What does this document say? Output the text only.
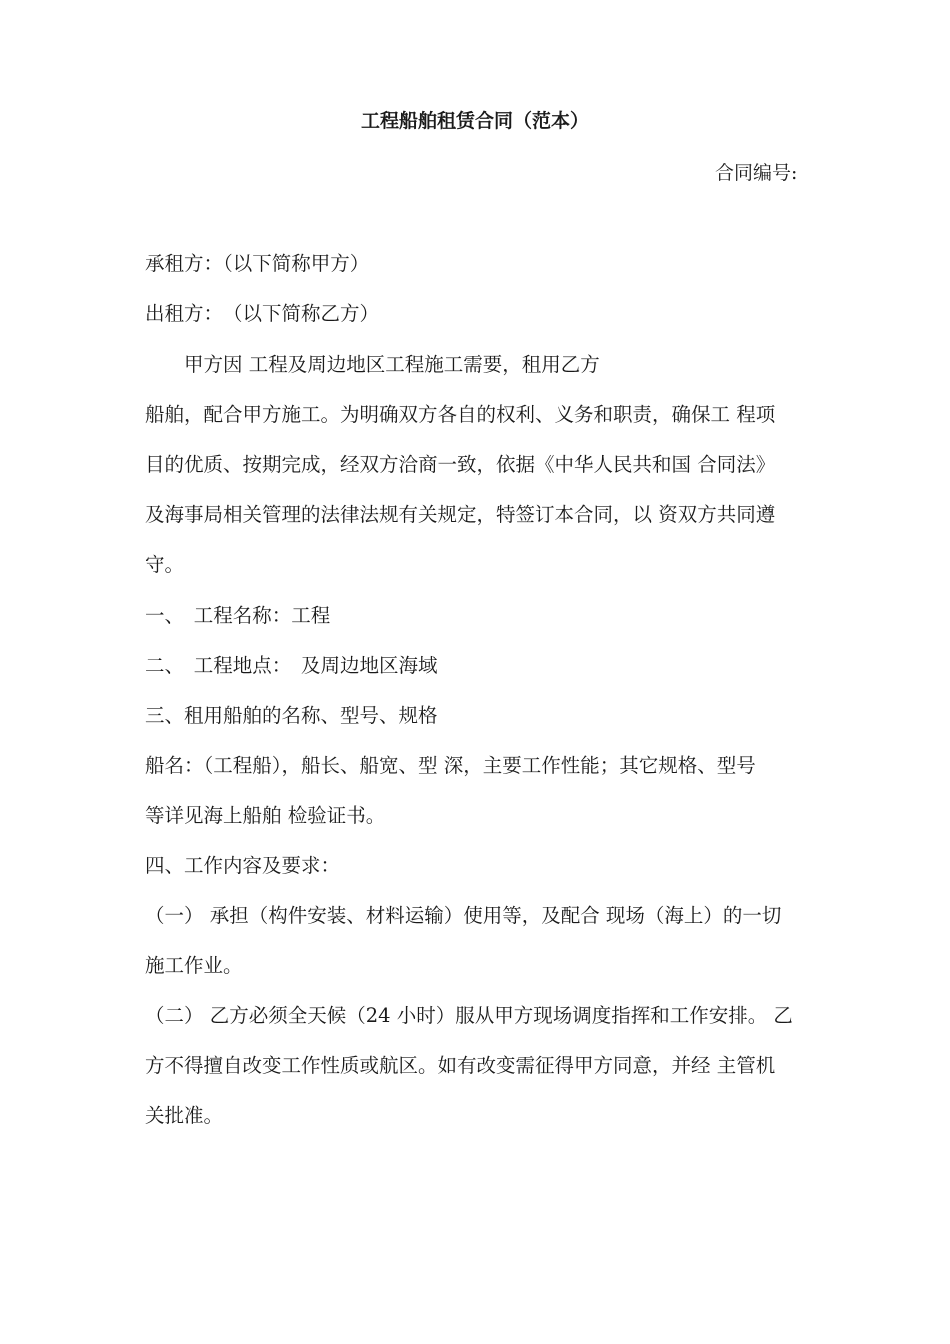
工程船舶租赁合同（范本）
合同编号:
承租方：（以下简称甲方）
出租方：　（以下简称乙方）
　　甲方因 工程及周边地区工程施工需要，租用乙方
船舶，配合甲方施工。为明确双方各自的权利、义务和职责，确保工 程项
目的优质、按期完成，经双方洽商一致，依据《中华人民共和国 合同法》
及海事局相关管理的法律法规有关规定，特签订本合同，以 资双方共同遵
守。
一、　工程名称：工程
二、　工程地点：　及周边地区海域
三、租用船舶的名称、型号、规格
船名：（工程船），船长、船宽、型 深，主要工作性能；其它规格、型号
等详见海上船舶 检验证书。
四、工作内容及要求：
（一） 承担（构件安装、材料运输）使用等，及配合 现场（海上）的一切
施工作业。
（二） 乙方必须全天候（24 小时）服从甲方现场调度指挥和工作安排。 乙
方不得擅自改变工作性质或航区。如有改变需征得甲方同意，并经 主管机
关批准。
